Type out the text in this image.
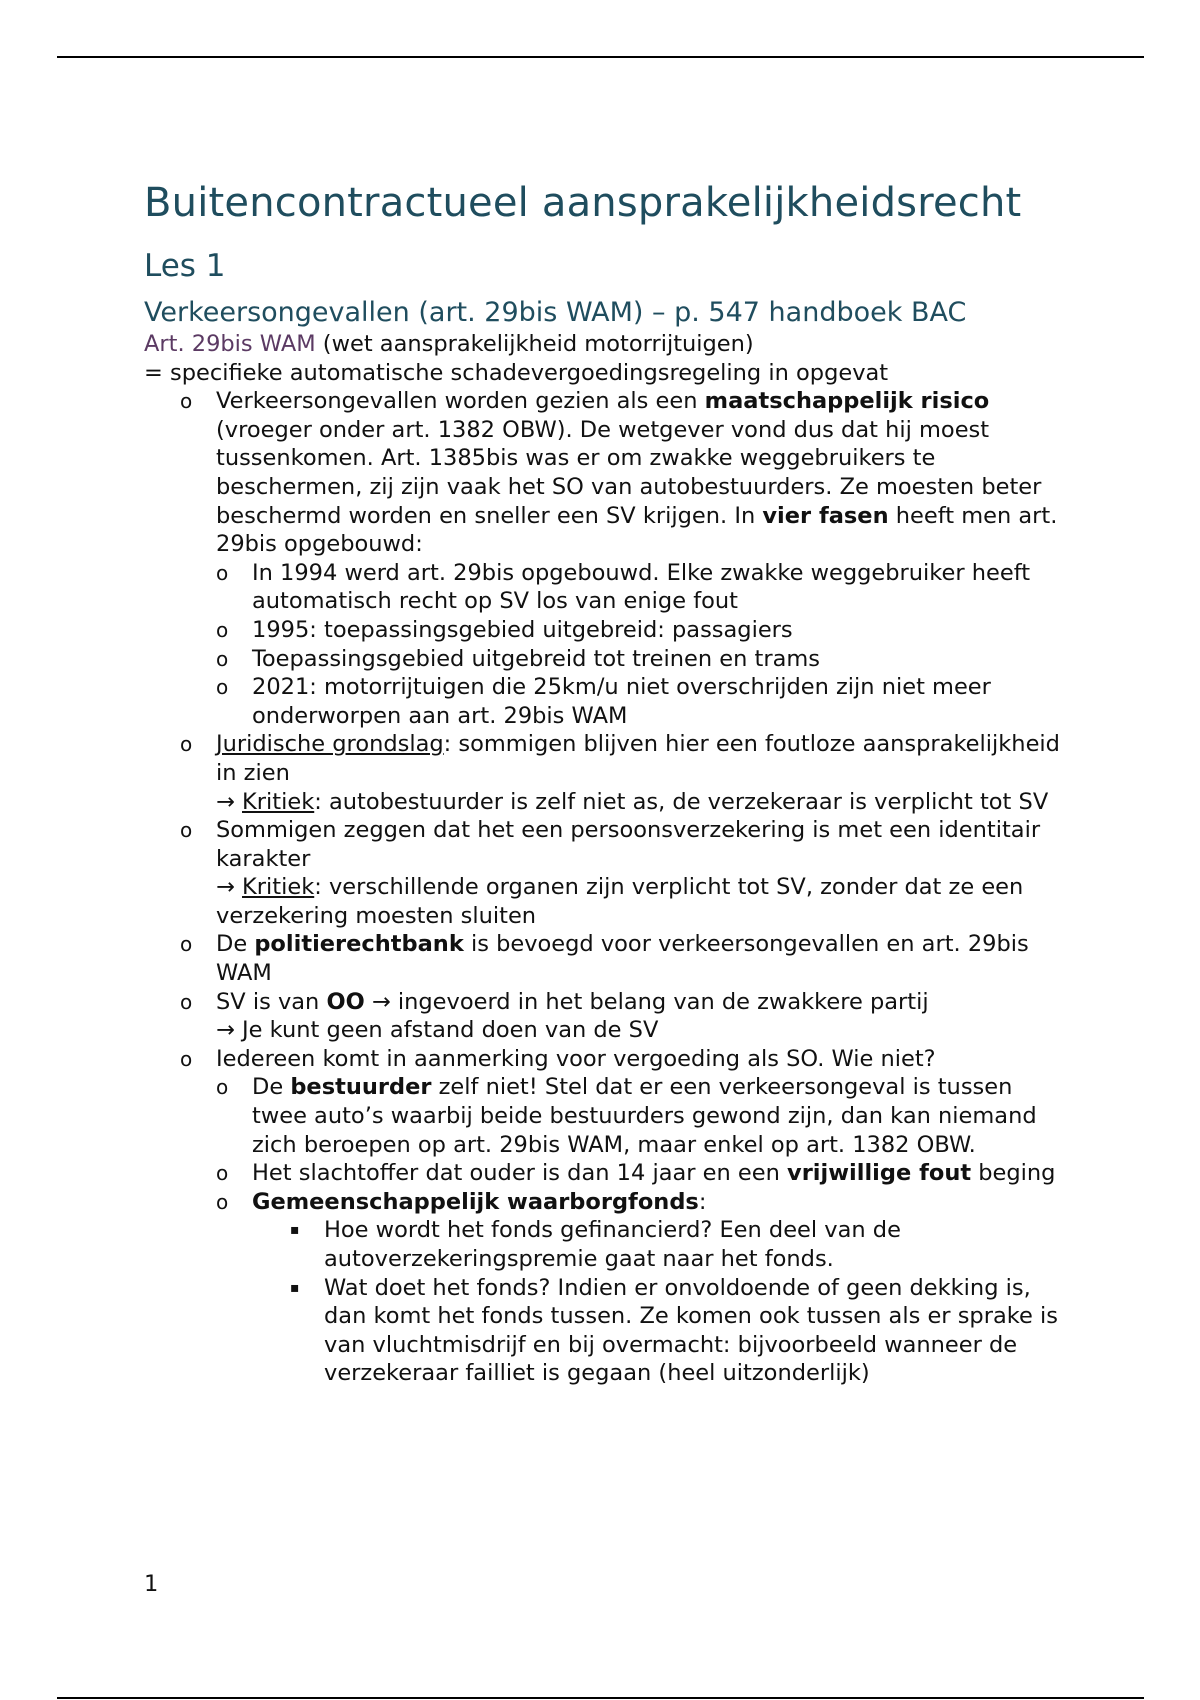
Buitencontractueel aansprakelijkheidsrecht
Les 1
Verkeersongevallen (art. 29bis WAM) – p. 547 handboek BAC

Art. 29bis WAM (wet aansprakelijkheid motorrijtuigen)

= specifieke automatische schadevergoedingsregeling in opgevat

o Verkeersongevallen worden gezien als een maatschappelijk risico (vroeger onder art. 1382 OBW). De wetgever vond dus dat hij moest tussenkomen. Art. 1385bis was er om zwakke weggebruikers te beschermen, zij zijn vaak het SO van autobestuurders. Ze moesten beter beschermd worden en sneller een SV krijgen. In vier fasen heeft men art. 29bis opgebouwd:
o In 1994 werd art. 29bis opgebouwd. Elke zwakke weggebruiker heeft automatisch recht op SV los van enige fout
o 1995: toepassingsgebied uitgebreid: passagiers
o Toepassingsgebied uitgebreid tot treinen en trams
o 2021: motorrijtuigen die 25km/u niet overschrijden zijn niet meer onderworpen aan art. 29bis WAM
o Juridische grondslag: sommigen blijven hier een foutloze aansprakelijkheid in zien
→ Kritiek: autobestuurder is zelf niet as, de verzekeraar is verplicht tot SV
o Sommigen zeggen dat het een persoonsverzekering is met een identitair karakter
→ Kritiek: verschillende organen zijn verplicht tot SV, zonder dat ze een verzekering moesten sluiten
o De politierechtbank is bevoegd voor verkeersongevallen en art. 29bis WAM
o SV is van OO → ingevoerd in het belang van de zwakkere partij
→ Je kunt geen afstand doen van de SV
o Iedereen komt in aanmerking voor vergoeding als SO. Wie niet?
o De bestuurder zelf niet! Stel dat er een verkeersongeval is tussen twee auto’s waarbij beide bestuurders gewond zijn, dan kan niemand zich beroepen op art. 29bis WAM, maar enkel op art. 1382 OBW.
o Het slachtoffer dat ouder is dan 14 jaar en een vrijwillige fout beging
o Gemeenschappelijk waarborgfonds:
▪ Hoe wordt het fonds gefinancierd? Een deel van de autoverzekeringspremie gaat naar het fonds.
▪ Wat doet het fonds? Indien er onvoldoende of geen dekking is, dan komt het fonds tussen. Ze komen ook tussen als er sprake is van vluchtmisdrijf en bij overmacht: bijvoorbeeld wanneer de verzekeraar failliet is gegaan (heel uitzonderlijk)
1
